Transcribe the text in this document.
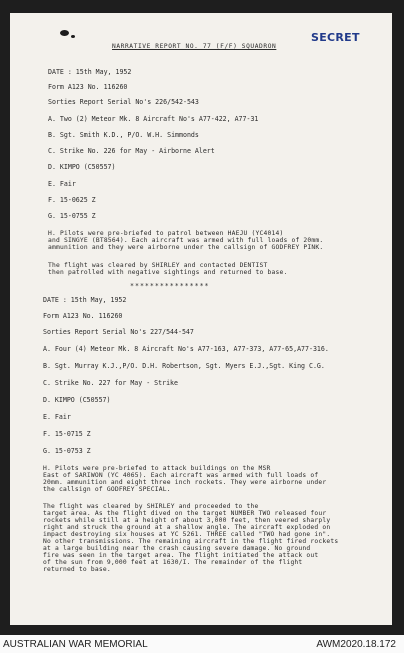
SECRET
NARRATIVE REPORT NO. 77 (F/F) SQUADRON
DATE : 15th May, 1952
Form A123 No. 116260
Sorties Report Serial No's 226/542-543
A. Two (2) Meteor Mk. 8 Aircraft No's A77-422, A77-31
B. Sgt. Smith K.D., P/O. W.H. Simmonds
C. Strike No. 226 for May - Airborne Alert
D. KIMPO (C50557)
E. Fair
F. 15-0625 Z
G. 15-0755 Z
H. Pilots were pre-briefed to patrol between HAEJU (YC4014)
and SINGYE (BT8564). Each aircraft was armed with full loads of 20mm.
ammunition and they were airborne under the callsign of GODFREY PINK.
The flight was cleared by SHIRLEY and contacted DENTIST
then patrolled with negative sightings and returned to base.
****************
DATE : 15th May, 1952
Form A123 No. 116260
Sorties Report Serial No's 227/544-547
A. Four (4) Meteor Mk. 8 Aircraft No's A77-163, A77-373, A77-65,A77-316.
B. Sgt. Murray K.J.,P/O. D.H. Robertson, Sgt. Myers E.J.,Sgt. King C.G.
C. Strike No. 227 for May - Strike
D. KIMPO (C50557)
E. Fair
F. 15-0715 Z
G. 15-0753 Z
H. Pilots were pre-briefed to attack buildings on the MSR
East of SARIWON (YC 4065). Each aircraft was armed with full loads of
20mm. ammunition and eight three inch rockets. They were airborne under
the callsign of GODFREY SPECIAL.
The flight was cleared by SHIRLEY and proceeded to the
target area. As the flight dived on the target NUMBER TWO released four
rockets while still at a height of about 3,000 feet, then veered sharply
right and struck the ground at a shallow angle. The aircraft exploded on
impact destroying six houses at YC 5261. THREE called "TWO had gone in".
No other transmissions. The remaining aircraft in the flight fired rockets
at a large building near the crash causing severe damage. No ground
fire was seen in the target area. The flight initiated the attack out
of the sun from 9,000 feet at 1630/I. The remainder of the flight
returned to base.
AUSTRALIAN WAR MEMORIAL	AWM2020.18.172
